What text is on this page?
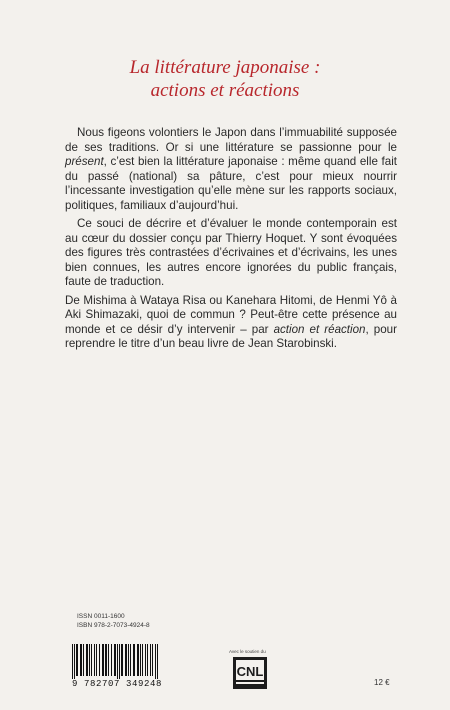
La littérature japonaise :
actions et réactions

Nous figeons volontiers le Japon dans l’immuabilité supposée de ses traditions. Or si une littérature se passionne pour le présent, c’est bien la littérature japonaise : même quand elle fait du passé (national) sa pâture, c’est pour mieux nourrir l’incessante investigation qu’elle mène sur les rapports sociaux, politiques, familiaux d’aujourd’hui.

Ce souci de décrire et d’évaluer le monde contemporain est au cœur du dossier conçu par Thierry Hoquet. Y sont évoquées des figures très contrastées d’écrivaines et d’écrivains, les unes bien connues, les autres encore ignorées du public français, faute de traduction.

De Mishima à Wataya Risa ou Kanehara Hitomi, de Henmi Yô à Aki Shimazaki, quoi de commun ? Peut-être cette présence au monde et ce désir d’y intervenir – par action et réaction, pour reprendre le titre d’un beau livre de Jean Starobinski.

ISSN 0011-1600
ISBN 978-2-7073-4924-8
9 782707 349248
Avec le soutien du
CNL
12 €
